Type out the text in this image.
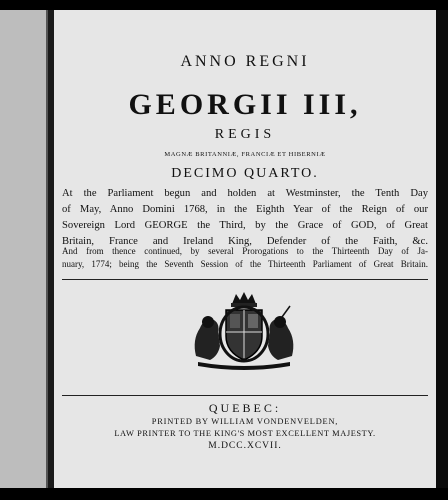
ANNO REGNI
GEORGII III,
REGIS
MAGNÆ BRITANNIÆ, FRANCIÆ ET HIBERNIÆ
DECIMO QUARTO.
At the Parliament begun and holden at Westminster, the Tenth Day
of May, Anno Domini 1768, in the Eighth Year of the Reign of our
Sovereign Lord GEORGE the Third, by the Grace of GOD, of Great
Britain, France and Ireland King, Defender of the Faith, &c.
And from thence continued, by several Prorogations to the Thirteenth Day of Ja-
nuary, 1774; being the Seventh Session of the Thirteenth Parliament of Great Britain.
QUEBEC:
PRINTED BY WILLIAM VONDENVELDEN,
LAW PRINTER TO THE KING'S MOST EXCELLENT MAJESTY.
M.DCC.XCVII.
